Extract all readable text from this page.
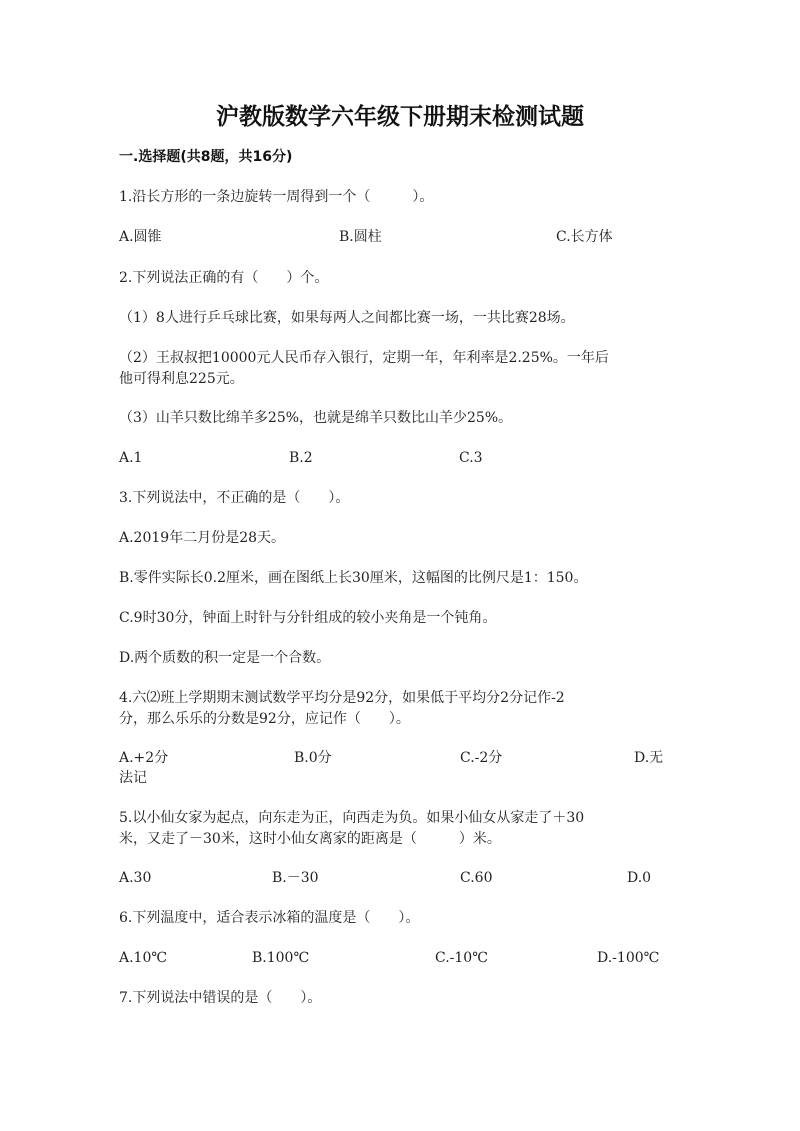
沪教版数学六年级下册期末检测试题
一.选择题(共8题，共16分)
1.沿长方形的一条边旋转一周得到一个（　　　）。
A.圆锥	B.圆柱	C.长方体
2.下列说法正确的有（　　）个。
（1）8人进行乒乓球比赛，如果每两人之间都比赛一场，一共比赛28场。
（2）王叔叔把10000元人民币存入银行，定期一年，年利率是2.25%。一年后
他可得利息225元。
（3）山羊只数比绵羊多25%，也就是绵羊只数比山羊少25%。
A.1	B.2	C.3
3.下列说法中，不正确的是（　　）。
A.2019年二月份是28天。
B.零件实际长0.2厘米，画在图纸上长30厘米，这幅图的比例尺是1：150。
C.9时30分，钟面上时针与分针组成的较小夹角是一个钝角。
D.两个质数的积一定是一个合数。
4.六⑵班上学期期末测试数学平均分是92分，如果低于平均分2分记作-2
分，那么乐乐的分数是92分，应记作（　　）。
A.+2分	B.0分	C.-2分	D.无
法记
5.以小仙女家为起点，向东走为正，向西走为负。如果小仙女从家走了＋30
米，又走了－30米，这时小仙女离家的距离是（　　　）米。
A.30	B.－30	C.60	D.0
6.下列温度中，适合表示冰箱的温度是（　　）。
A.10℃	B.100℃	C.-10℃	D.-100℃
7.下列说法中错误的是（　　）。
